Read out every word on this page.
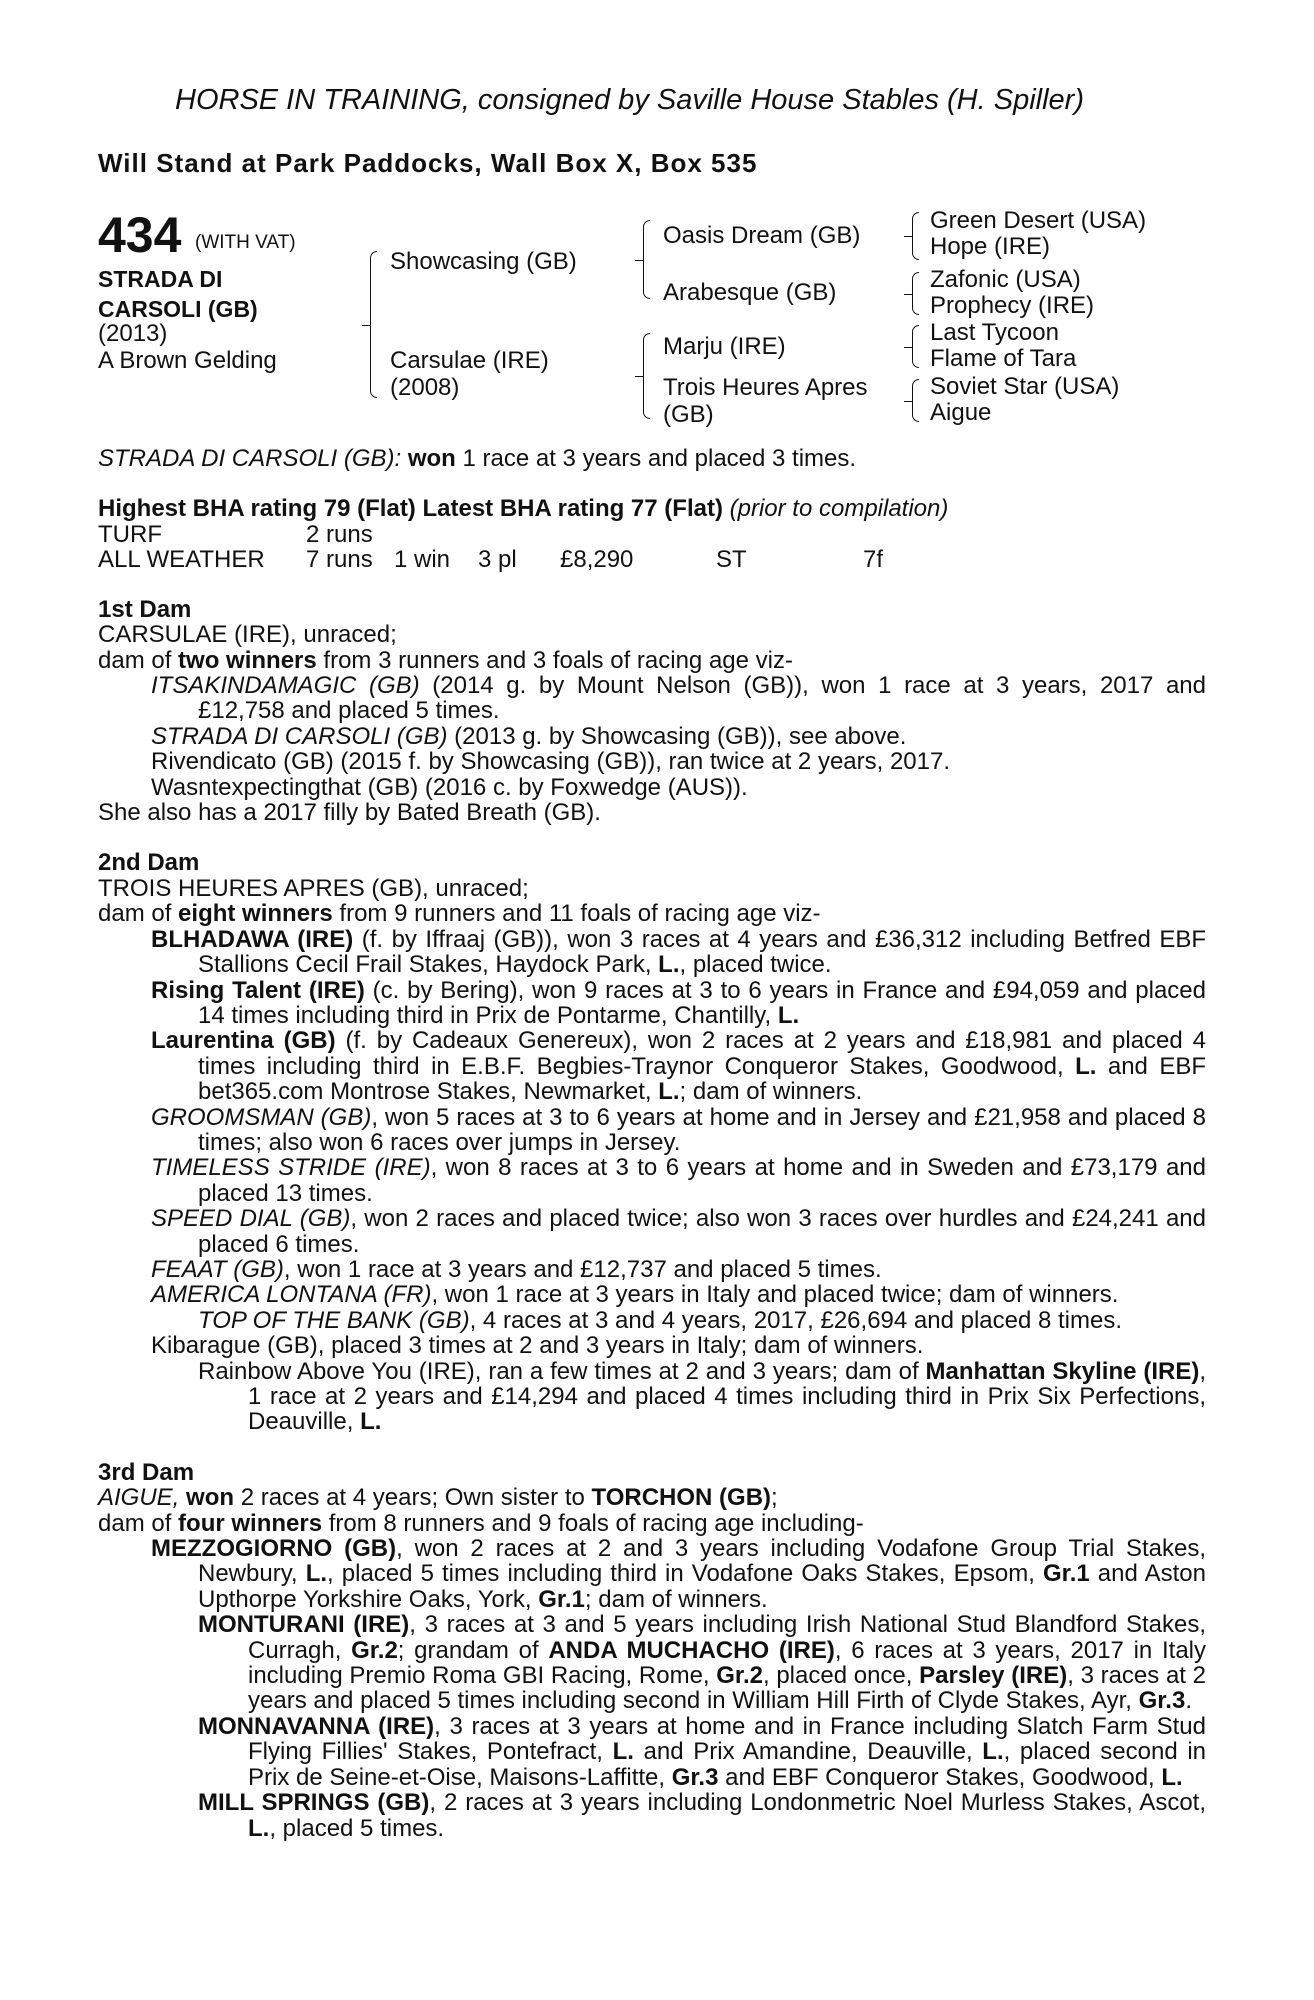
HORSE IN TRAINING, consigned by Saville House Stables (H. Spiller)
Will Stand at Park Paddocks, Wall Box X, Box 535
434 (WITH VAT)
STRADA DI
CARSOLI (GB)
(2013)
A Brown Gelding
Showcasing (GB)
Carsulae (IRE)
(2008)
Oasis Dream (GB)
Arabesque (GB)
Marju (IRE)
Trois Heures Apres
(GB)
Green Desert (USA)
Hope (IRE)
Zafonic (USA)
Prophecy (IRE)
Last Tycoon
Flame of Tara
Soviet Star (USA)
Aigue

STRADA DI CARSOLI (GB): won 1 race at 3 years and placed 3 times.

Highest BHA rating 79 (Flat) Latest BHA rating 77 (Flat) (prior to compilation)

TURF	2 runs
ALL WEATHER 7 runs 1 win 3 pl £8,290	ST	7f

1st Dam

CARSULAE (IRE), unraced;

dam of two winners from 3 runners and 3 foals of racing age viz-

ITSAKINDAMAGIC (GB) (2014 g. by Mount Nelson (GB)), won 1 race at 3 years, 2017 and £12,758 and placed 5 times.

STRADA DI CARSOLI (GB) (2013 g. by Showcasing (GB)), see above.

Rivendicato (GB) (2015 f. by Showcasing (GB)), ran twice at 2 years, 2017.

Wasntexpectingthat (GB) (2016 c. by Foxwedge (AUS)).

She also has a 2017 filly by Bated Breath (GB).

2nd Dam

TROIS HEURES APRES (GB), unraced;

dam of eight winners from 9 runners and 11 foals of racing age viz-

BLHADAWA (IRE) (f. by Iffraaj (GB)), won 3 races at 4 years and £36,312 including Betfred EBF Stallions Cecil Frail Stakes, Haydock Park, L., placed twice.

Rising Talent (IRE) (c. by Bering), won 9 races at 3 to 6 years in France and £94,059 and placed 14 times including third in Prix de Pontarme, Chantilly, L.

Laurentina (GB) (f. by Cadeaux Genereux), won 2 races at 2 years and £18,981 and placed 4 times including third in E.B.F. Begbies-Traynor Conqueror Stakes, Goodwood, L. and EBF bet365.com Montrose Stakes, Newmarket, L.; dam of winners.

GROOMSMAN (GB), won 5 races at 3 to 6 years at home and in Jersey and £21,958 and placed 8 times; also won 6 races over jumps in Jersey.

TIMELESS STRIDE (IRE), won 8 races at 3 to 6 years at home and in Sweden and £73,179 and placed 13 times.

SPEED DIAL (GB), won 2 races and placed twice; also won 3 races over hurdles and £24,241 and placed 6 times.

FEAAT (GB), won 1 race at 3 years and £12,737 and placed 5 times.

AMERICA LONTANA (FR), won 1 race at 3 years in Italy and placed twice; dam of winners.

TOP OF THE BANK (GB), 4 races at 3 and 4 years, 2017, £26,694 and placed 8 times.

Kibarague (GB), placed 3 times at 2 and 3 years in Italy; dam of winners.

Rainbow Above You (IRE), ran a few times at 2 and 3 years; dam of Manhattan Skyline (IRE), 1 race at 2 years and £14,294 and placed 4 times including third in Prix Six Perfections, Deauville, L.

3rd Dam

AIGUE, won 2 races at 4 years; Own sister to TORCHON (GB);

dam of four winners from 8 runners and 9 foals of racing age including-

MEZZOGIORNO (GB), won 2 races at 2 and 3 years including Vodafone Group Trial Stakes, Newbury, L., placed 5 times including third in Vodafone Oaks Stakes, Epsom, Gr.1 and Aston Upthorpe Yorkshire Oaks, York, Gr.1; dam of winners.

MONTURANI (IRE), 3 races at 3 and 5 years including Irish National Stud Blandford Stakes, Curragh, Gr.2; grandam of ANDA MUCHACHO (IRE), 6 races at 3 years, 2017 in Italy including Premio Roma GBI Racing, Rome, Gr.2, placed once, Parsley (IRE), 3 races at 2 years and placed 5 times including second in William Hill Firth of Clyde Stakes, Ayr, Gr.3.

MONNAVANNA (IRE), 3 races at 3 years at home and in France including Slatch Farm Stud Flying Fillies' Stakes, Pontefract, L. and Prix Amandine, Deauville, L., placed second in Prix de Seine-et-Oise, Maisons-Laffitte, Gr.3 and EBF Conqueror Stakes, Goodwood, L.

MILL SPRINGS (GB), 2 races at 3 years including Londonmetric Noel Murless Stakes, Ascot, L., placed 5 times.
